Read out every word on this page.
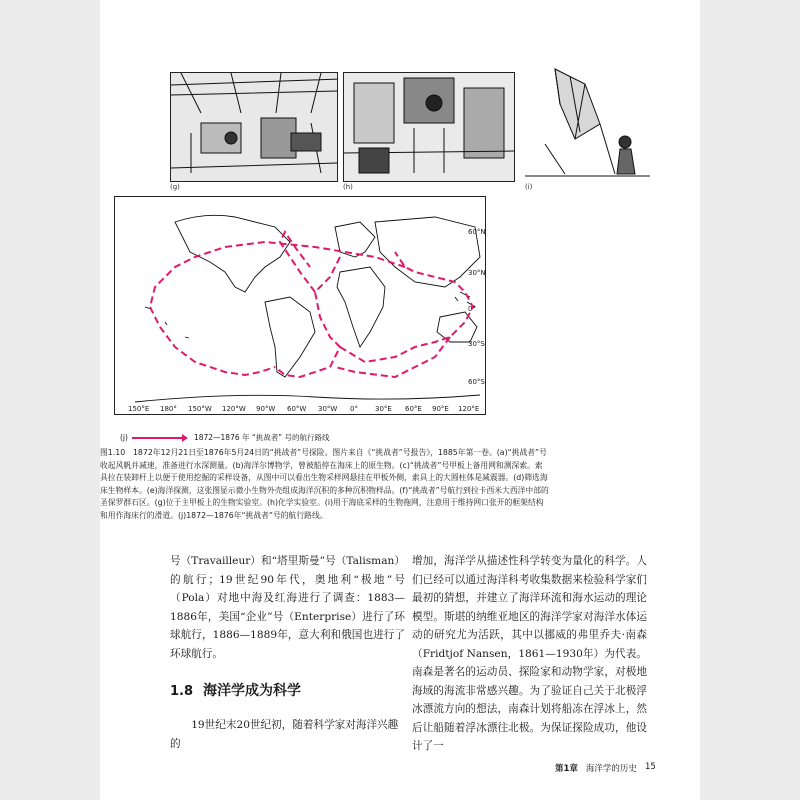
(g)	(h)	(i)
150°E 180° 150°W 120°W 90°W 60°W 30°W 0° 30°E 60°E 90°E 120°E
60°N
30°N
0°
30°S
60°S
(j)	1872—1876 年 “挑战者” 号的航行路线
图1.10　1872年12月21日至1876年5月24日的“挑战者”号探险。图片来自《“挑战者”号报告》，1885年第一卷。(a)“挑战者”号收起风帆并减速，准备进行水深测量。(b)海洋尔博物学，曾被船停在海床上的原生物。(c)“挑战者”号甲板上备用网和测深索。索具拉在装卸杆上以便于使用挖掘的采样设备，从图中可以看出生物采样网悬挂在甲板外侧，索具上的大圆柱体是减震器。(d)筛选海床生物样本。(e)海洋探测，这张图显示微小生物外壳组成海洋沉积的多种沉积物样品。(f)“挑战者”号航行到拉卡西米大西洋中部的圣保罗群石区。(g)位于主甲板上的生物实验室。(h)化学实验室。(i)用于海底采样的生物拖网，注意用于维持网口张开的框架结构和用作海床行的滑道。(j)1872—1876年“挑战者”号的航行路线。
号（Travailleur）和“塔里斯曼”号（Talisman）的航行；19世纪90年代，奥地利“极地”号（Pola）对地中海及红海进行了调查：1883—1886年，美国“企业”号（Enterprise）进行了环球航行，1886—1889年，意大利和俄国也进行了环球航行。
增加，海洋学从描述性科学转变为量化的科学。人们已经可以通过海洋科考收集数据来检验科学家们最初的猜想，并建立了海洋环流和海水运动的理论模型。斯堪的纳维亚地区的海洋学家对海洋水体运动的研究尤为活跃，其中以挪威的弗里乔夫·南森（Fridtjof Nansen，1861—1930年）为代表。南森是著名的运动员、探险家和动物学家，对极地海域的海流非常感兴趣。为了验证自己关于北极浮冰漂流方向的想法，南森计划将船冻在浮冰上，然后让船随着浮冰漂往北极。为保证探险成功，他设计了一
1.8 海洋学成为科学
19世纪末20世纪初，随着科学家对海洋兴趣的
第1章 海洋学的历史 15
